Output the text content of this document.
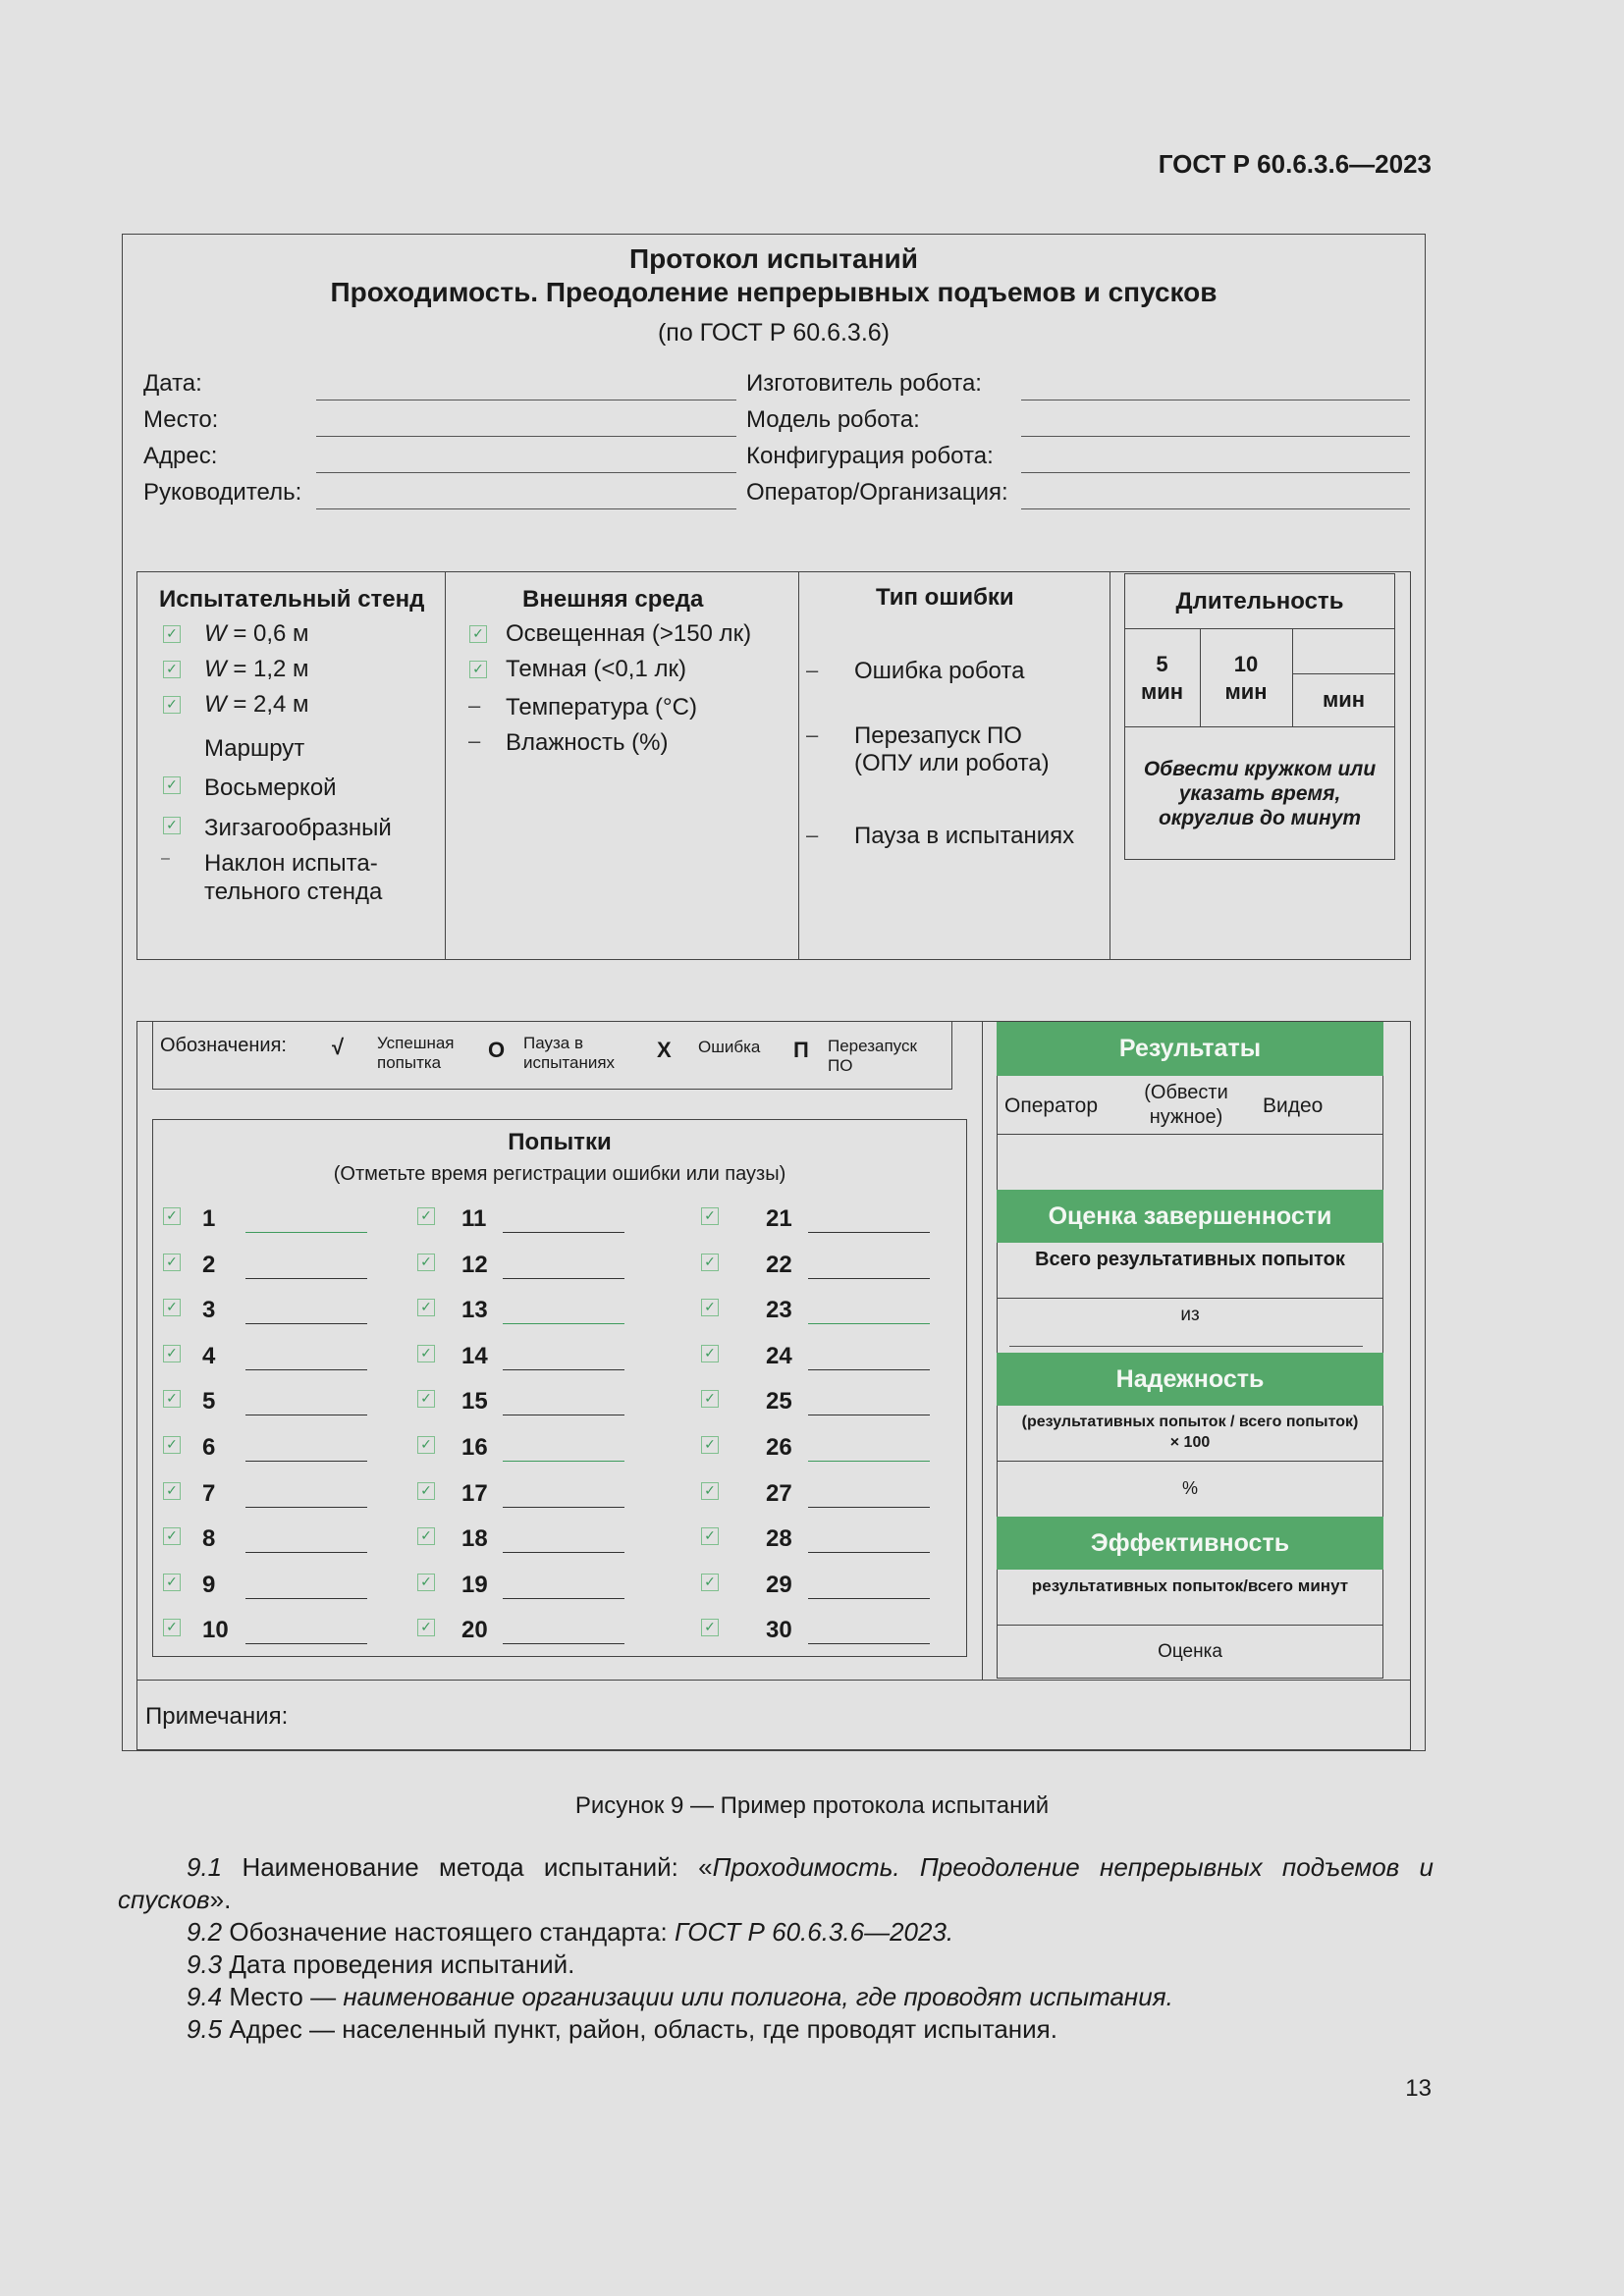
ГОСТ Р 60.6.3.6—2023
Протокол испытаний
Проходимость. Преодоление непрерывных подъемов и спусков
(по ГОСТ Р 60.6.3.6)
Дата:
Место:
Адрес:
Руководитель:
Изготовитель робота:
Модель робота:
Конфигурация робота:
Оператор/Организация:
Испытательный стенд
✓ W = 0,6 м
✓ W = 1,2 м
✓ W = 2,4 м
Маршрут
✓ Восьмеркой
✓ Зигзагообразный
– Наклон испыта-
тельного стенда
Внешняя среда
✓ Освещенная (>150 лк)
✓ Темная (<0,1 лк)
– Температура (°C)
– Влажность (%)
Тип ошибки
– Ошибка робота
– Перезапуск ПО
(ОПУ или робота)
– Пауза в испытаниях
Длительность
5
мин
10
мин	мин
Обвести кружком или
указать время,
округлив до минут
Обозначения: √ Успешная
попытка
О Пауза в
испытаниях
Х Ошибка П Перезапуск
ПО
Попытки
(Отметьте время регистрации ошибки или паузы)
✓ 1
✓ 2
✓ 3
✓ 4
✓ 5
✓ 6
✓ 7
✓ 8
✓ 9
✓ 10
✓ 11
✓ 12
✓ 13
✓ 14
✓ 15
✓ 16
✓ 17
✓ 18
✓ 19
✓ 20
✓ 21
✓ 22
✓ 23
✓ 24
✓ 25
✓ 26
✓ 27
✓ 28
✓ 29
✓ 30
Результаты
Оператор
(Обвести
нужное)	Видео
Оценка завершенности
Всего результативных попыток
из
Надежность
(результативных попыток / всего попыток)
× 100
%
Эффективность
результативных попыток/всего минут
Оценка
Примечания:
Рисунок 9 — Пример протокола испытаний
9.1 Наименование метода испытаний: «Проходимость. Преодоление непрерывных подъемов и
спусков».
9.2 Обозначение настоящего стандарта: ГОСТ Р 60.6.3.6—2023.
9.3 Дата проведения испытаний.
9.4 Место — наименование организации или полигона, где проводят испытания.
9.5 Адрес — населенный пункт, район, область, где проводят испытания.
13
